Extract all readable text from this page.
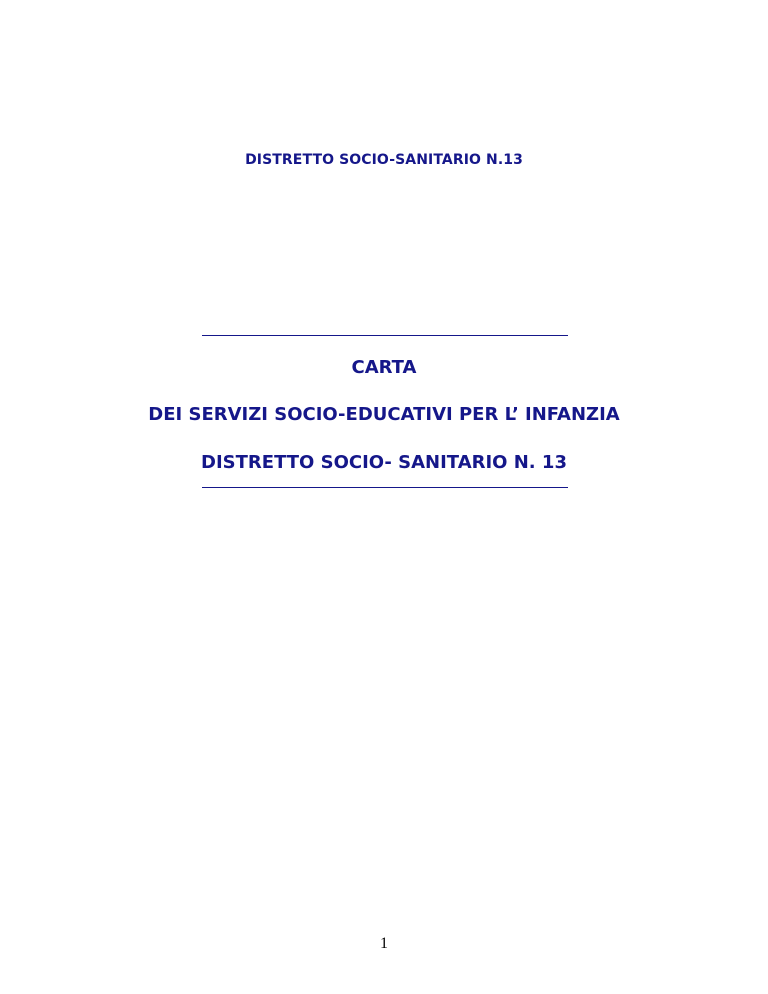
DISTRETTO SOCIO-SANITARIO N.13
CARTA
DEI SERVIZI SOCIO-EDUCATIVI PER L’ INFANZIA
DISTRETTO SOCIO- SANITARIO N. 13
1
